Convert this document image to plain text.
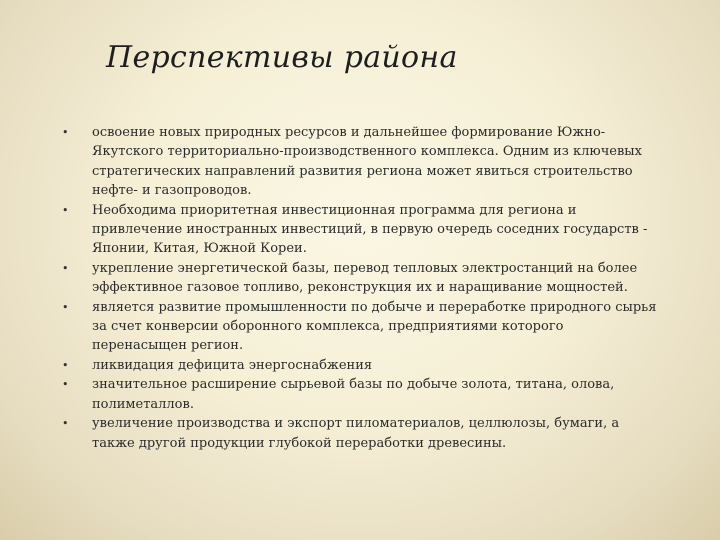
Перспективы района
• освоение новых природных ресурсов и дальнейшее формирование Южно-Якутского территориально-производственного комплекса. Одним из ключевых стратегических направлений развития региона может явиться строительство нефте- и газопроводов.
• Необходима приоритетная инвестиционная программа для региона и привлечение иностранных инвестиций, в первую очередь соседних государств - Японии, Китая, Южной Кореи.
• укрепление энергетической базы, перевод тепловых электростанций на более эффективное газовое топливо, реконструкция их и наращивание мощностей.
• является развитие промышленности по добыче и переработке природного сырья за счет конверсии оборонного комплекса, предприятиями которого перенасыщен регион.
• ликвидация дефицита энергоснабжения
• значительное расширение сырьевой базы по добыче золота, титана, олова, полиметаллов.
• увеличение производства и экспорт пиломатериалов, целлюлозы, бумаги, а также другой продукции глубокой переработки древесины.
